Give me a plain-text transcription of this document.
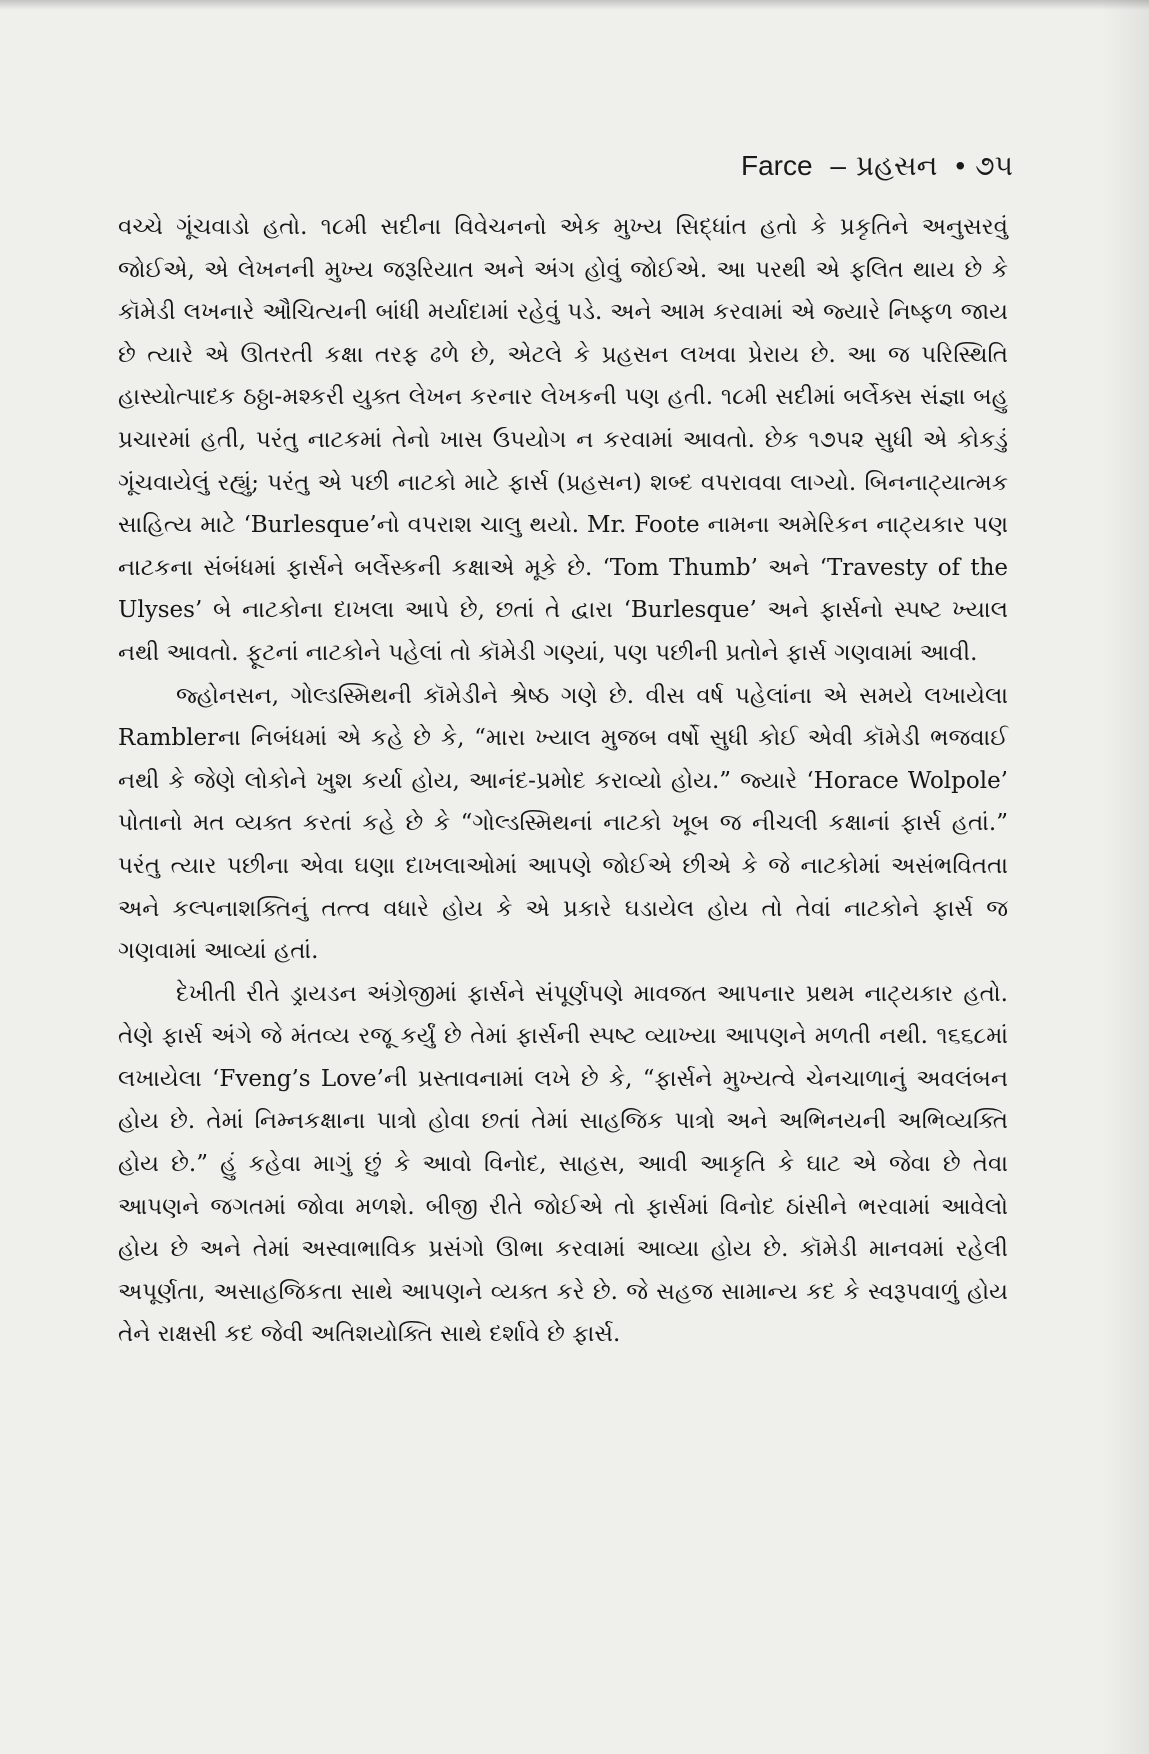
Farce – પ્રહસન • ૭૫

વચ્ચે ગૂંચવાડો હતો. ૧૮મી સદીના વિવેચનનો એક મુખ્ય સિદ્ધાંત હતો કે પ્રકૃતિને અનુસરવું જોઈએ, એ લેખનની મુખ્ય જરૂરિયાત અને અંગ હોવું જોઈએ. આ પરથી એ ફલિત થાય છે કે કૉમેડી લખનારે ઔચિત્યની બાંધી મર્યાદામાં રહેવું પડે. અને આમ કરવામાં એ જ્યારે નિષ્ફળ જાય છે ત્યારે એ ઊતરતી કક્ષા તરફ ઢળે છે, એટલે કે પ્રહસન લખવા પ્રેરાય છે. આ જ પરિસ્થિતિ હાસ્યોત્પાદક ઠઠ્ઠા-મશ્કરી યુક્ત લેખન કરનાર લેખકની પણ હતી. ૧૮મી સદીમાં બર્લેક્સ સંજ્ઞા બહુ પ્રચારમાં હતી, પરંતુ નાટકમાં તેનો ખાસ ઉપયોગ ન કરવામાં આવતો. છેક ૧૭૫૨ સુધી એ કોકડું ગૂંચવાયેલું રહ્યું; પરંતુ એ પછી નાટકો માટે ફાર્સ (પ્રહસન) શબ્દ વપરાવવા લાગ્યો. બિનનાટ્યાત્મક સાહિત્ય માટે ‘Burlesque’નો વપરાશ ચાલુ થયો. Mr. Foote નામના અમેરિકન નાટ્યકાર પણ નાટકના સંબંધમાં ફાર્સને બર્લેસ્કની કક્ષાએ મૂકે છે. ‘Tom Thumb’ અને ‘Travesty of the Ulyses’ બે નાટકોના દાખલા આપે છે, છતાં તે દ્વારા ‘Burlesque’ અને ફાર્સનો સ્પષ્ટ ખ્યાલ નથી આવતો. ફૂટનાં નાટકોને પહેલાં તો કૉમેડી ગણ્યાં, પણ પછીની પ્રતોને ફાર્સ ગણવામાં આવી.

જ્હોનસન, ગોલ્ડસ્મિથની કૉમેડીને શ્રેષ્ઠ ગણે છે. વીસ વર્ષ પહેલાંના એ સમયે લખાયેલા Ramblerના નિબંધમાં એ કહે છે કે, “મારા ખ્યાલ મુજબ વર્ષો સુધી કોઈ એવી કૉમેડી ભજવાઈ નથી કે જેણે લોકોને ખુશ કર્યા હોય, આનંદ-પ્રમોદ કરાવ્યો હોય.” જ્યારે ‘Horace Wolpole’ પોતાનો મત વ્યક્ત કરતાં કહે છે કે “ગોલ્ડસ્મિથનાં નાટકો ખૂબ જ નીચલી કક્ષાનાં ફાર્સ હતાં.” પરંતુ ત્યાર પછીના એવા ઘણા દાખલાઓમાં આપણે જોઈએ છીએ કે જે નાટકોમાં અસંભવિતતા અને કલ્પનાશક્તિનું તત્ત્વ વધારે હોય કે એ પ્રકારે ઘડાયેલ હોય તો તેવાં નાટકોને ફાર્સ જ ગણવામાં આવ્યાં હતાં.

દેખીતી રીતે ડ્રાયડન અંગ્રેજીમાં ફાર્સને સંપૂર્ણપણે માવજત આપનાર પ્રથમ નાટ્યકાર હતો. તેણે ફાર્સ અંગે જે મંતવ્ય રજૂ કર્યું છે તેમાં ફાર્સની સ્પષ્ટ વ્યાખ્યા આપણને મળતી નથી. ૧૬૬૮માં લખાયેલા ‘Fveng’s Love’ની પ્રસ્તાવનામાં લખે છે કે, “ફાર્સને મુખ્યત્વે ચેનચાળાનું અવલંબન હોય છે. તેમાં નિમ્નકક્ષાના પાત્રો હોવા છતાં તેમાં સાહજિક પાત્રો અને અભિનયની અભિવ્યક્તિ હોય છે.” હું કહેવા માગું છું કે આવો વિનોદ, સાહસ, આવી આકૃતિ કે ઘાટ એ જેવા છે તેવા આપણને જગતમાં જોવા મળશે. બીજી રીતે જોઈએ તો ફાર્સમાં વિનોદ ઠાંસીને ભરવામાં આવેલો હોય છે અને તેમાં અસ્વાભાવિક પ્રસંગો ઊભા કરવામાં આવ્યા હોય છે. કૉમેડી માનવમાં રહેલી અપૂર્ણતા, અસાહજિકતા સાથે આપણને વ્યક્ત કરે છે. જે સહજ સામાન્ય કદ કે સ્વરૂપવાળું હોય તેને રાક્ષસી કદ જેવી અતિશયોક્તિ સાથે દર્શાવે છે ફાર્સ.
